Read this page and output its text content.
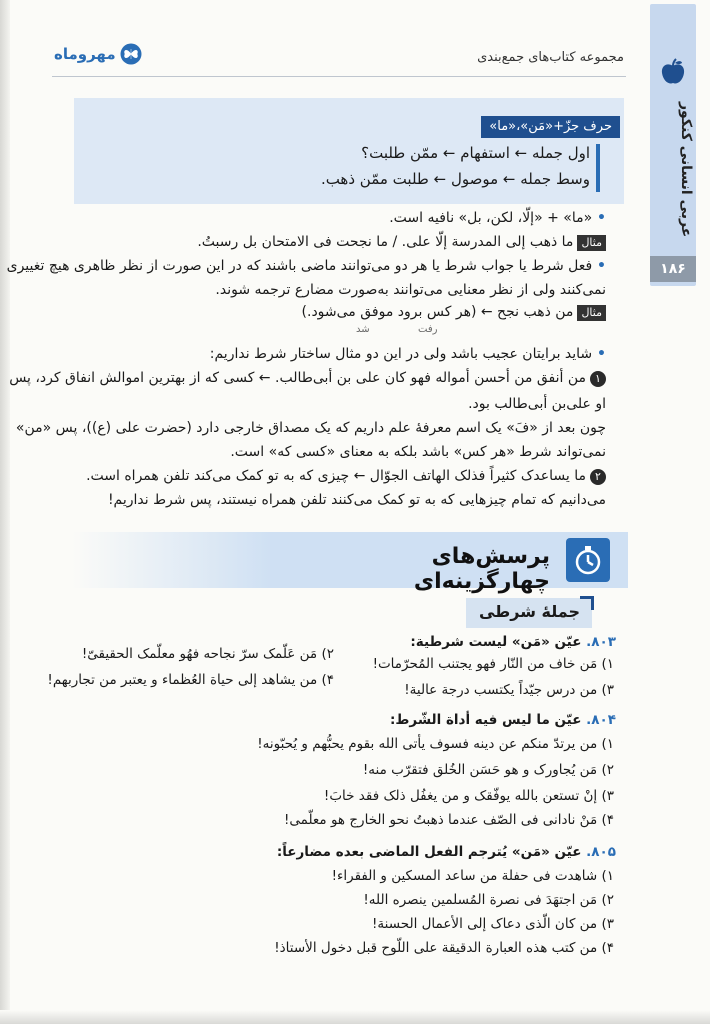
عربی انسانی کنکور
۱۸۶
مهروماه	مجموعه کتاب‌های جمع‌بندی
حرف جزّ+«مَن»،«ما»
اول جمله ← استفهام ← ممّن طلبت؟
وسط جمله ← موصول ← طلبت ممّن ذهب.
• «ما» + «إلّا، لکن، بل» نافیه است.
مثالما ذهب إلی المدرسة إلّا علی. / ما نجحت فی الامتحان بل رسبتُ.
• فعل شرط یا جواب شرط یا هر دو می‌توانند ماضی باشند که در این صورت از نظر ظاهری هیچ تغییری
نمی‌کنند ولی از نظر معنایی می‌توانند به‌صورت مضارع ترجمه شوند.
مثالمن ذهب نجح ← (هر کس برود موفق می‌شود.)
رفت
شد
• شاید برایتان عجیب باشد ولی در این دو مثال ساختار شرط نداریم:
۱من أنفق من أحسن أمواله فهو کان علی بن أبی‌طالب. ← کسی که از بهترین اموالش انفاق کرد، پس
او علی‌بن أبی‌طالب بود.
چون بعد از «فَ» یک اسم معرفهٔ علم داریم که یک مصداق خارجی دارد (حضرت علی (ع))، پس «من»
نمی‌تواند شرط «هر کس» باشد بلکه به معنای «کسی که» است.
۲ما یساعدک کثیراً فذلک الهاتف الجوّال ← چیزی که به تو کمک می‌کند تلفن همراه است.
می‌دانیم که تمام چیزهایی که به تو کمک می‌کنند تلفن همراه نیستند، پس شرط نداریم!
پرسش‌های چهارگزینه‌ای
جملهٔ شرطی
۸۰۳. عیّن «مَن» لیست شرطیة:
۱) مَن خاف من النّار فهو یجتنب المُحرّمات!
۲) مَن عَلّمک سرّ نجاحه فهُو معلّمک الحقیقیّ!
۳) من درس جیّداً یکتسب درجة عالیة!
۴) من یشاهد إلی حیاة العُظماء و یعتبر من تجاربهم!
۸۰۴. عیّن ما لیس فیه أداة الشّرط:
۱) من یرتدّ منکم عن دینه فسوف یأتی الله بقوم یحبُّهم و یُحبّونه!
۲) مَن یُجاورک و هو حَسَن الخُلق فتقرّب منه!
۳) إنْ تستعن بالله یوفّقک و من یغفُل ذلک فقد خابَ!
۴) مَنْ نادانی فی الصّف عندما ذهبتُ نحو الخارج هو معلّمی!
۸۰۵. عیّن «مَن» یُترجم الفعل الماضی بعده مضارعاً:
۱) شاهدت فی حفلة من ساعد المسکین و الفقراء!
۲) مَن اجتهَدَ فی نصرة المُسلمین ینصره الله!
۳) من کان الّذی دعاک إلی الأعمال الحسنة!
۴) من کتب هذه العبارة الدقیقة علی اللّوح قبل دخول الأستاذ!
